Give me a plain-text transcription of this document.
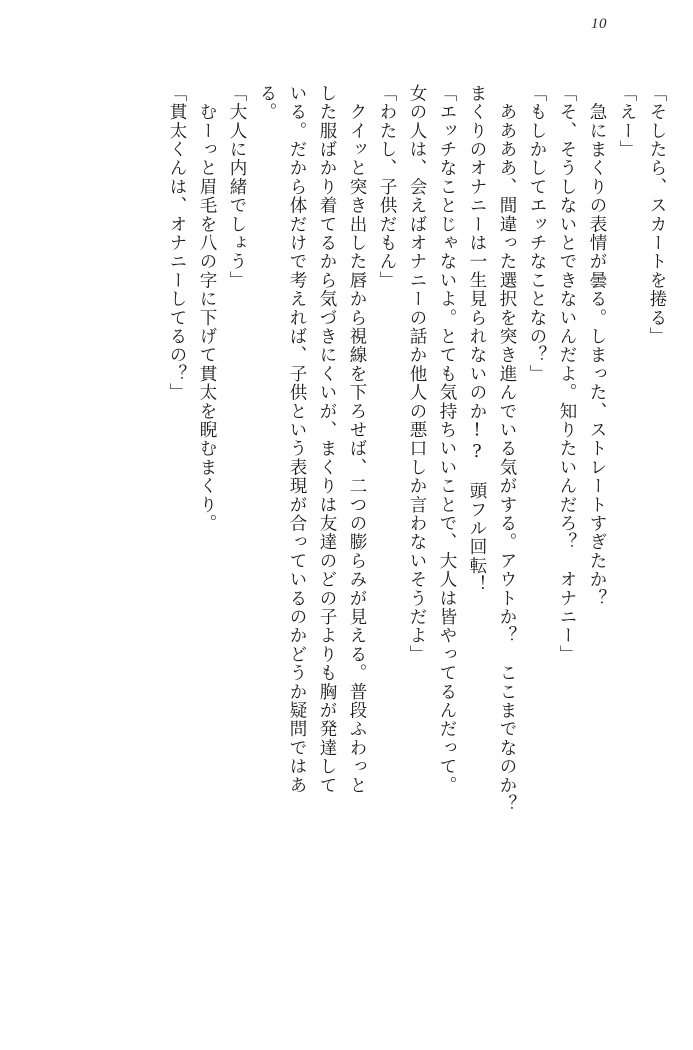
10
「そしたら、スカートを捲る」
「えー」
　急にまくりの表情が曇る。しまった、ストレートすぎたか？
「そ、そうしないとできないんだよ。知りたいんだろ？　オナニー」
「もしかしてエッチなことなの？」
　ああああ、間違った選択を突き進んでいる気がする。アウトか？　ここまでなのか？
まくりのオナニーは一生見られないのか!?　頭フル回転！
「エッチなことじゃないよ。とても気持ちいいことで、大人は皆やってるんだって。
女の人は、会えばオナニーの話か他人の悪口しか言わないそうだよ」
「わたし、子供だもん」
　クイッと突き出した唇から視線を下ろせば、二つの膨らみが見える。普段ふわっと
した服ばかり着てるから気づきにくいが、まくりは友達のどの子よりも胸が発達して
いる。だから体だけで考えれば、子供という表現が合っているのかどうか疑問ではあ
る。
「大人に内緒でしょう」
　むーっと眉毛を八の字に下げて貫太を睨むまくり。
「貫太くんは、オナニーしてるの？」
